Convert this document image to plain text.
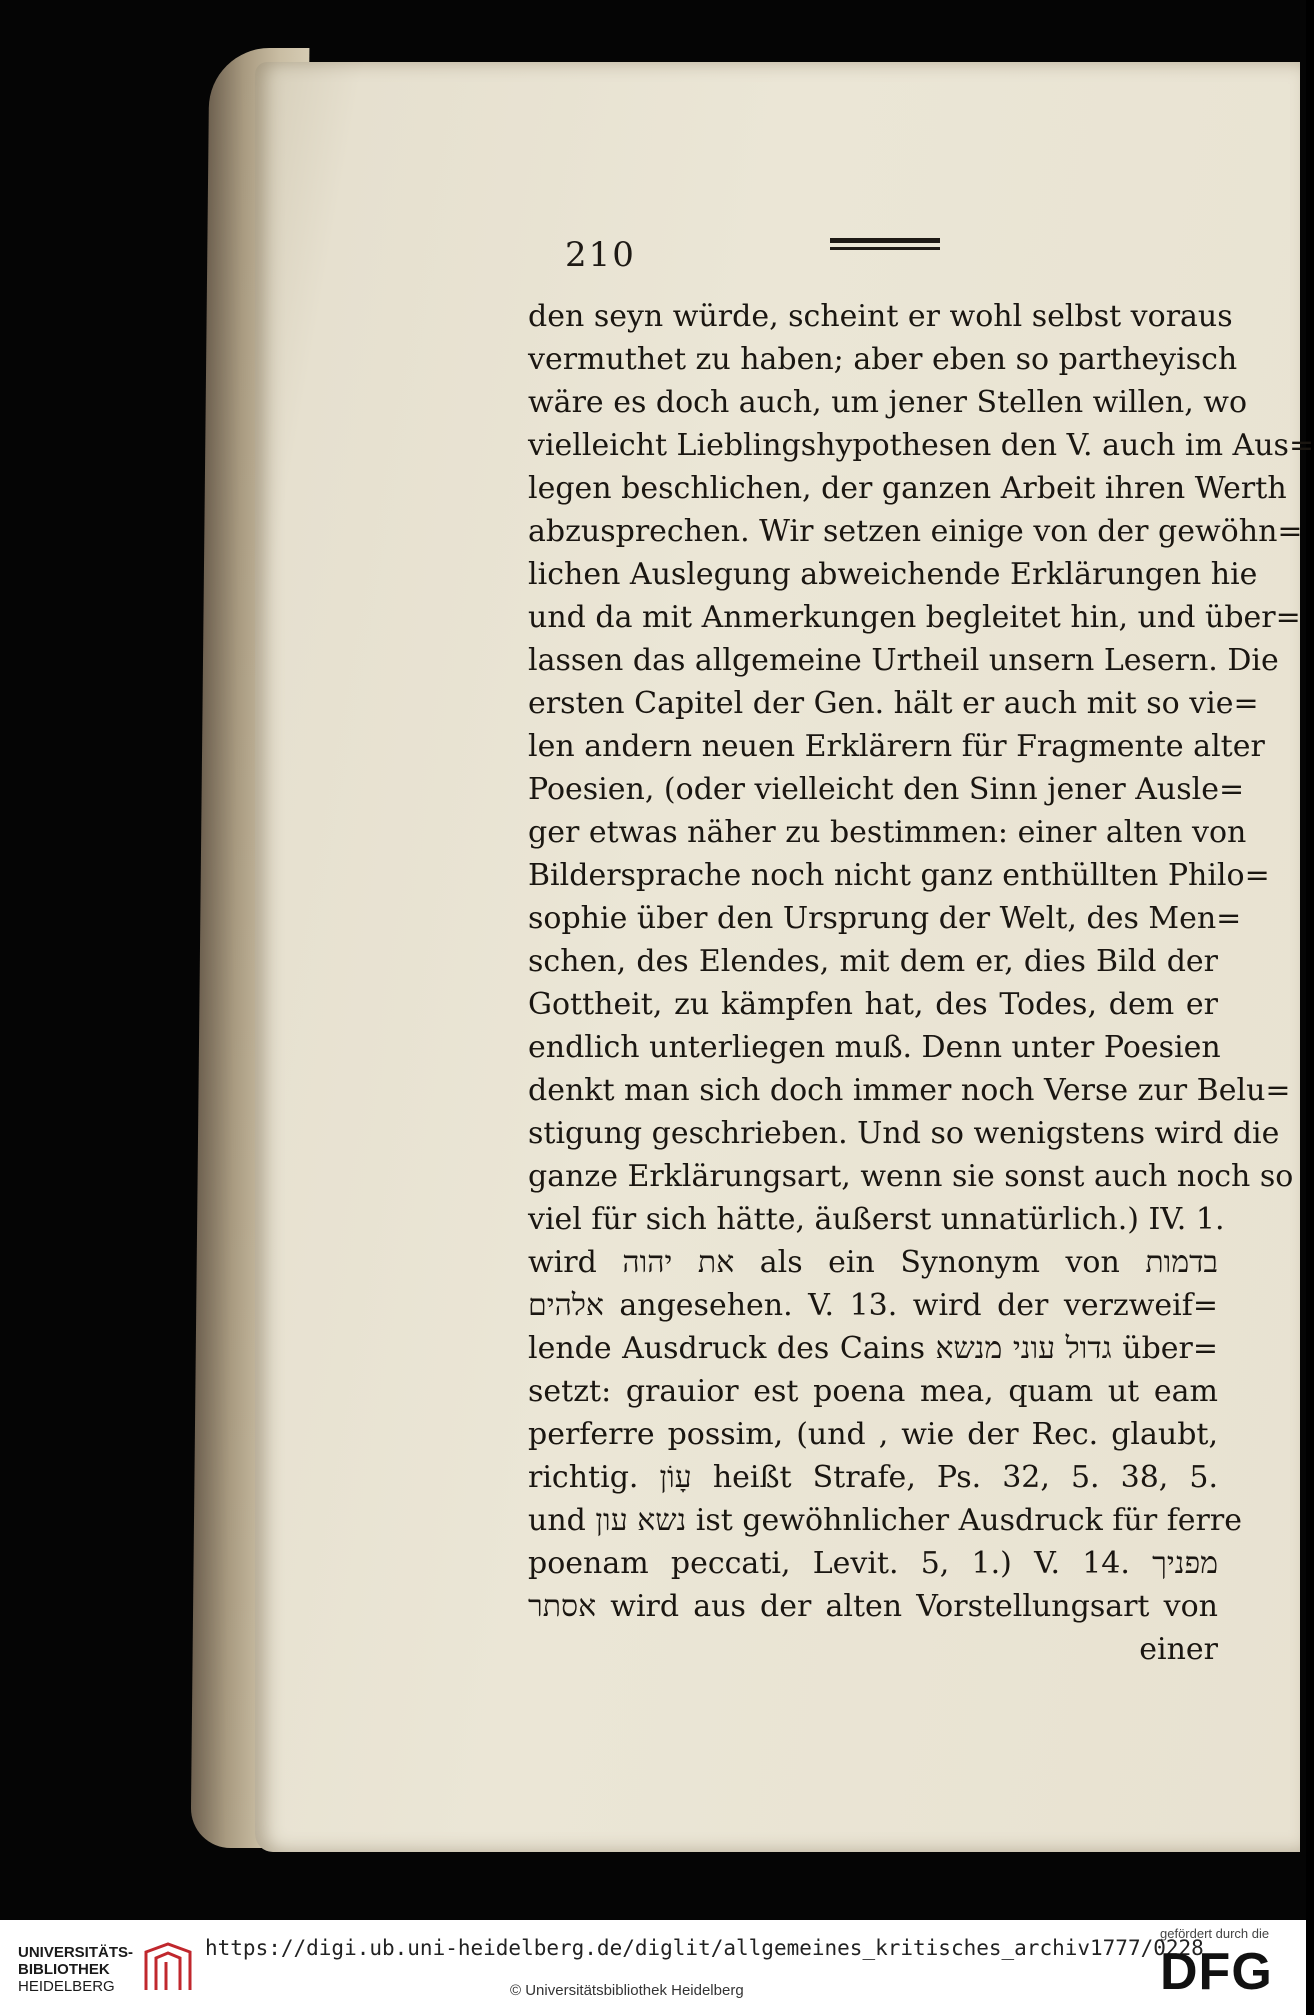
210
den seyn würde, scheint er wohl selbst voraus
vermuthet zu haben; aber eben so partheyisch
wäre es doch auch, um jener Stellen willen, wo
vielleicht Lieblingshypothesen den V. auch im Aus=
legen beschlichen, der ganzen Arbeit ihren Werth
abzusprechen. Wir setzen einige von der gewöhn=
lichen Auslegung abweichende Erklärungen hie
und da mit Anmerkungen begleitet hin, und über=
lassen das allgemeine Urtheil unsern Lesern. Die
ersten Capitel der Gen. hält er auch mit so vie=
len andern neuen Erklärern für Fragmente alter
Poesien, (oder vielleicht den Sinn jener Ausle=
ger etwas näher zu bestimmen: einer alten von
Bildersprache noch nicht ganz enthüllten Philo=
sophie über den Ursprung der Welt, des Men=
schen, des Elendes, mit dem er, dies Bild der
Gottheit, zu kämpfen hat, des Todes, dem er
endlich unterliegen muß. Denn unter Poesien
denkt man sich doch immer noch Verse zur Belu=
stigung geschrieben. Und so wenigstens wird die
ganze Erklärungsart, wenn sie sonst auch noch so
viel für sich hätte, äußerst unnatürlich.) IV. 1.
wird את יהוה als ein Synonym von בדמות
אלהים angesehen. V. 13. wird der verzweif=
lende Ausdruck des Cains גדול עוני מנשא über=
setzt: grauior est poena mea, quam ut eam
perferre possim, (und , wie der Rec. glaubt,
richtig. עָוֹן heißt Strafe, Ps. 32, 5. 38, 5.
und נשא עון ist gewöhnlicher Ausdruck für ferre
poenam peccati, Levit. 5, 1.) V. 14. מפניך
אסתר wird aus der alten Vorstellungsart von
einer
UNIVERSITÄTS-
BIBLIOTHEK
HEIDELBERG
https://digi.ub.uni-heidelberg.de/diglit/allgemeines_kritisches_archiv1777/0228
© Universitätsbibliothek Heidelberg
gefördert durch die
DFG
